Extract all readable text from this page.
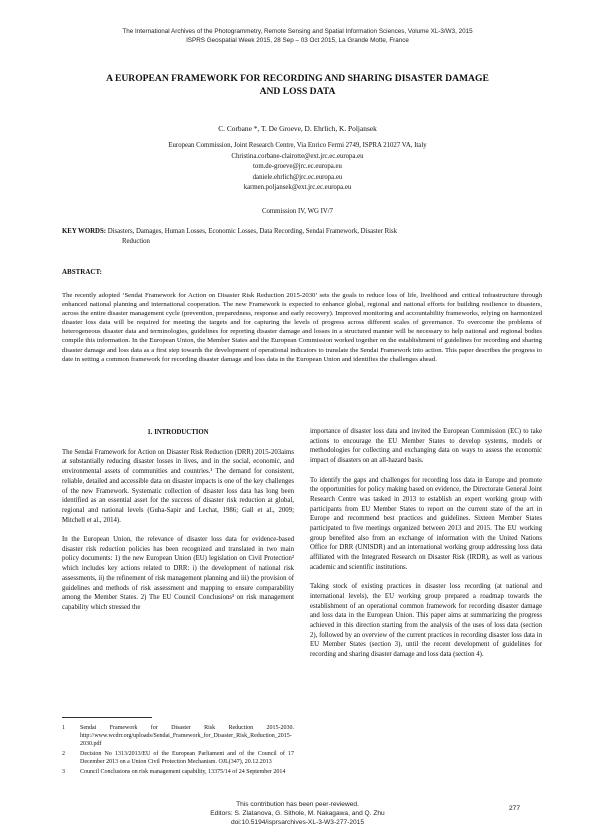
The International Archives of the Photogrammetry, Remote Sensing and Spatial Information Sciences, Volume XL-3/W3, 2015
ISPRS Geospatial Week 2015, 28 Sep – 03 Oct 2015, La Grande Motte, France
A EUROPEAN FRAMEWORK FOR RECORDING AND SHARING DISASTER DAMAGE
AND LOSS DATA
C. Corbane *, T. De Groeve, D. Ehrlich, K. Poljansek
European Commission, Joint Research Centre, Via Enrico Fermi 2749, ISPRA 21027 VA, Italy
Christina.corbane-clairotte@ext.jrc.ec.europa.eu
tom.de-groeve@jrc.ec.europa.eu
daniele.ehrlich@jrc.ec.europa.eu
karmen.poljansek@ext.jrc.ec.europa.eu
Commission IV, WG IV/7
KEY WORDS: Disasters, Damages, Human Losses, Economic Losses, Data Recording, Sendai Framework, Disaster Risk
Reduction
ABSTRACT:
The recently adopted ‘Sendai Framework for Action on Disaster Risk Reduction 2015-2030’ sets the goals to reduce loss of life, livelihood and critical infrastructure through enhanced national planning and international cooperation. The new Framework is expected to enhance global, regional and national efforts for building resilience to disasters, across the entire disaster management cycle (prevention, preparedness, response and early recovery). Improved monitoring and accountability frameworks, relying on harmonized disaster loss data will be required for meeting the targets and for capturing the levels of progress across different scales of governance. To overcome the problems of heterogeneous disaster data and terminologies, guidelines for reporting disaster damage and losses in a structured manner will be necessary to help national and regional bodies compile this information. In the European Union, the Member States and the European Commission worked together on the establishment of guidelines for recording and sharing disaster damage and loss data as a first step towards the development of operational indicators to translate the Sendai Framework into action. This paper describes the progress to date in setting a common framework for recording disaster damage and loss data in the European Union and identifies the challenges ahead.
1. INTRODUCTION

The Sendai Framework for Action on Disaster Risk Reduction (DRR) 2015-203aims at substantially reducing disaster losses in lives, and in the social, economic, and environmental assets of communities and countries.¹ The demand for consistent, reliable, detailed and accessible data on disaster impacts is one of the key challenges of the new Framework. Systematic collection of disaster loss data has long been identified as an essential asset for the success of disaster risk reduction at global, regional and national levels (Guha-Sapir and Lechat, 1986; Gall et al., 2009; Mitchell et al., 2014).

In the European Union, the relevance of disaster loss data for evidence-based disaster risk reduction policies has been recognized and translated in two main policy documents: 1) the new European Union (EU) legislation on Civil Protection² which includes key actions related to DRR: i) the development of national risk assessments, ii) the refinement of risk management planning and iii) the provision of guidelines and methods of risk assessment and mapping to ensure comparability among the Member States. 2) The EU Council Conclusions³ on risk management capability which stressed the

importance of disaster loss data and invited the European Commission (EC) to take actions to encourage the EU Member States to develop systems, models or methodologies for collecting and exchanging data on ways to assess the economic impact of disasters on an all-hazard basis.

To identify the gaps and challenges for recording loss data in Europe and promote the opportunities for policy making based on evidence, the Directorate General Joint Research Centre was tasked in 2013 to establish an expert working group with participants from EU Member States to report on the current state of the art in Europe and recommend best practices and guidelines. Sixteen Member States participated to five meetings organized between 2013 and 2015. The EU working group benefited also from an exchange of information with the United Nations Office for DRR (UNISDR) and an international working group addressing loss data affiliated with the Integrated Research on Disaster Risk (IRDR), as well as various academic and scientific institutions.

Taking stock of existing practices in disaster loss recording (at national and international levels), the EU working group prepared a roadmap towards the establishment of an operational common framework for recording disaster damage and loss data in the European Union. This paper aims at summarizing the progress achieved in this direction starting from the analysis of the uses of loss data (section 2), followed by an overview of the current practices in recording disaster loss data in EU Member States (section 3), until the recent development of guidelines for recording and sharing disaster damage and loss data (section 4).

1	Sendai Framework for Disaster Risk Reduction 2015-2030. http://www.wcdrr.org/uploads/Sendai_Framework_for_Disaster_Risk_Reduction_2015-2030.pdf
2	Decision No 1313/2013/EU of the European Parliament and of the Council of 17 December 2013 on a Union Civil Protection Mechanism. OJL(347), 20.12.2013
3	Council Conclusions on risk management capability, 13375/14 of 24 September 2014
This contribution has been peer-reviewed.
Editors: S. Zlatanova, G. Sithole, M. Nakagawa, and Q. Zhu
doi:10.5194/isprsarchives-XL-3-W3-277-2015
277
